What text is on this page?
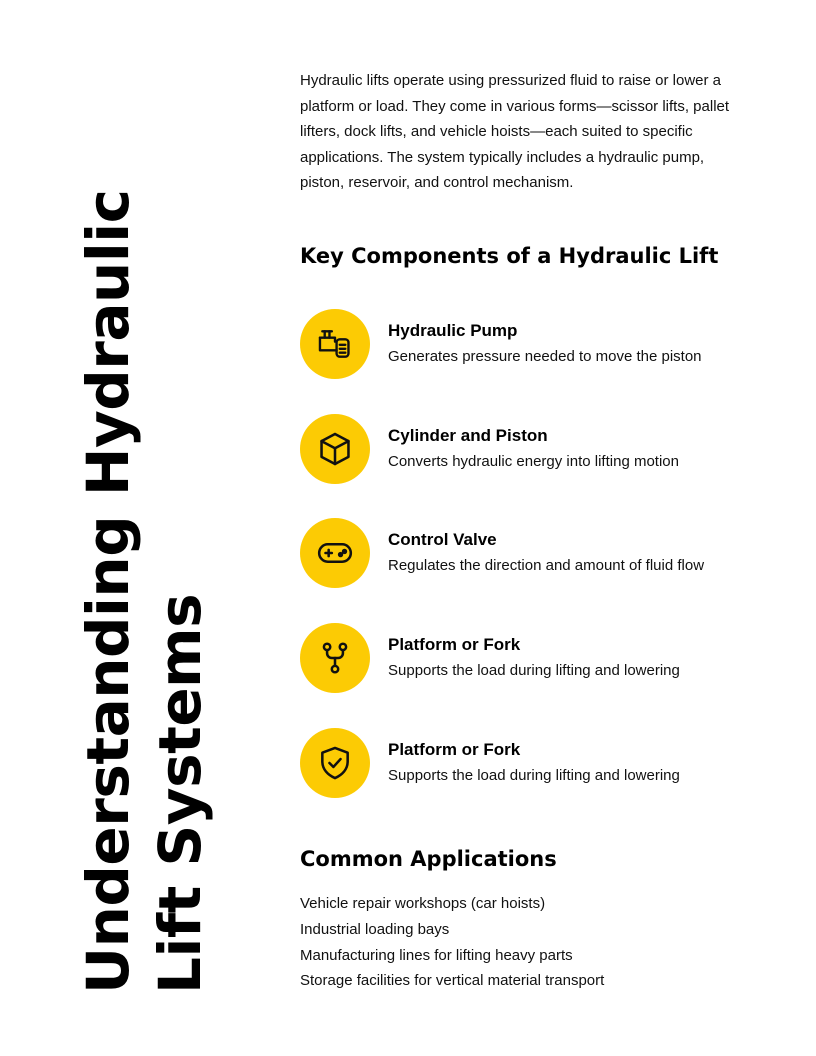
Understanding Hydraulic Lift Systems

Hydraulic lifts operate using pressurized fluid to raise or lower a platform or load. They come in various forms—scissor lifts, pallet lifters, dock lifts, and vehicle hoists—each suited to specific applications. The system typically includes a hydraulic pump, piston, reservoir, and control mechanism.

Key Components of a Hydraulic Lift
Hydraulic Pump
Generates pressure needed to move the piston
Cylinder and Piston
Converts hydraulic energy into lifting motion
Control Valve
Regulates the direction and amount of fluid flow
Platform or Fork
Supports the load during lifting and lowering
Platform or Fork
Supports the load during lifting and lowering
Common Applications
Vehicle repair workshops (car hoists)
Industrial loading bays
Manufacturing lines for lifting heavy parts
Storage facilities for vertical material transport
